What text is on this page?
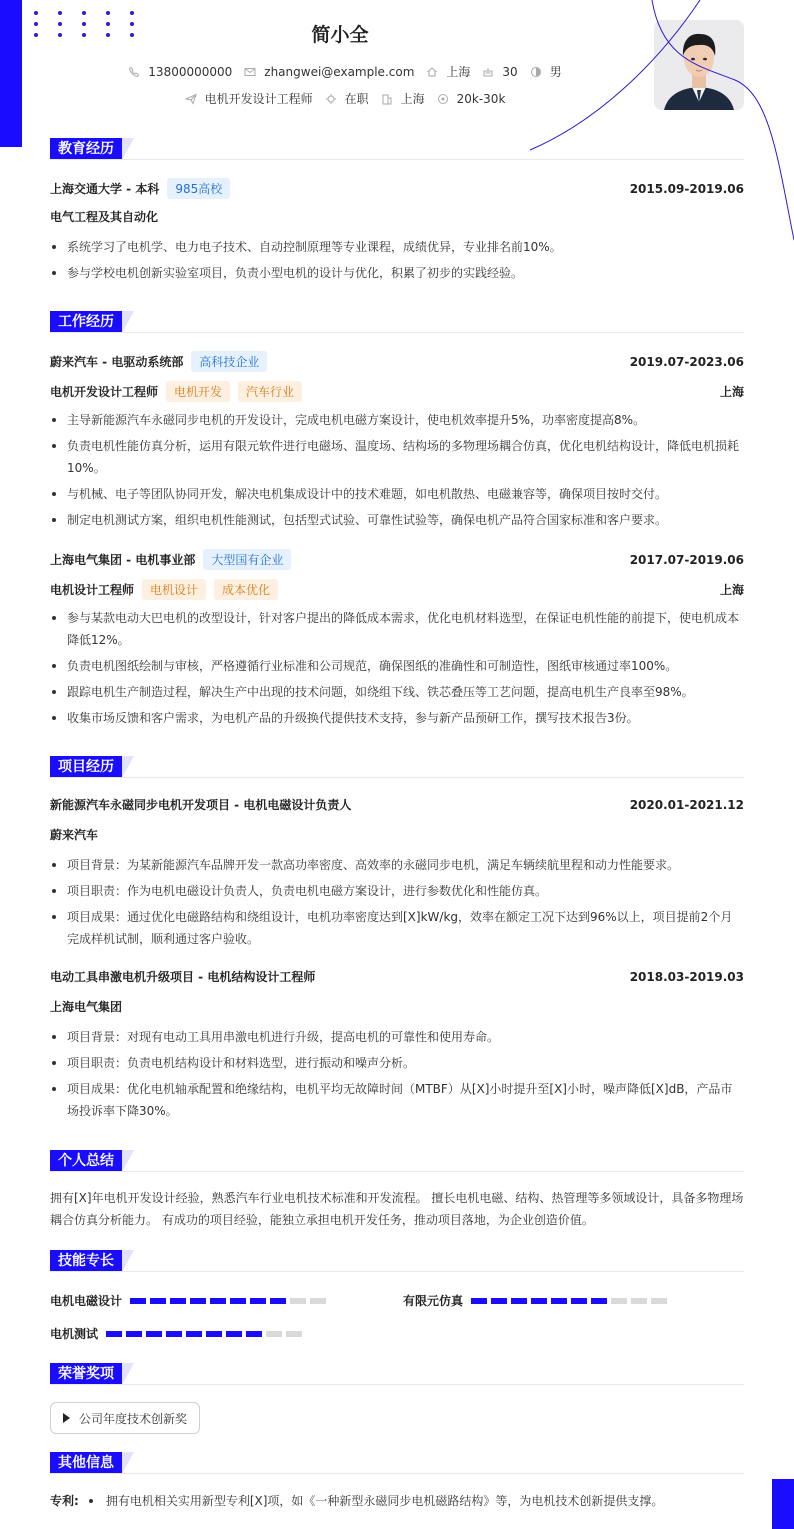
简小全
13800000000	zhangwei@example.com	上海	30	男
电机开发设计工程师	在职	上海	20k-30k
教育经历
上海交通大学 - 本科	985高校	2015.09-2019.06
电气工程及其自动化
系统学习了电机学、电力电子技术、自动控制原理等专业课程，成绩优异，专业排名前10%。
参与学校电机创新实验室项目，负责小型电机的设计与优化，积累了初步的实践经验。
工作经历
蔚来汽车 - 电驱动系统部	高科技企业	2019.07-2023.06
电机开发设计工程师	电机开发	汽车行业	上海
主导新能源汽车永磁同步电机的开发设计，完成电机电磁方案设计，使电机效率提升5%，功率密度提高8%。
负责电机性能仿真分析，运用有限元软件进行电磁场、温度场、结构场的多物理场耦合仿真，优化电机结构设计，降低电机损耗10%。
与机械、电子等团队协同开发，解决电机集成设计中的技术难题，如电机散热、电磁兼容等，确保项目按时交付。
制定电机测试方案，组织电机性能测试，包括型式试验、可靠性试验等，确保电机产品符合国家标准和客户要求。
上海电气集团 - 电机事业部	大型国有企业	2017.07-2019.06
电机设计工程师	电机设计	成本优化	上海
参与某款电动大巴电机的改型设计，针对客户提出的降低成本需求，优化电机材料选型，在保证电机性能的前提下，使电机成本降低12%。
负责电机图纸绘制与审核，严格遵循行业标准和公司规范，确保图纸的准确性和可制造性，图纸审核通过率100%。
跟踪电机生产制造过程，解决生产中出现的技术问题，如绕组下线、铁芯叠压等工艺问题，提高电机生产良率至98%。
收集市场反馈和客户需求，为电机产品的升级换代提供技术支持，参与新产品预研工作，撰写技术报告3份。
项目经历
新能源汽车永磁同步电机开发项目 - 电机电磁设计负责人	2020.01-2021.12
蔚来汽车
项目背景：为某新能源汽车品牌开发一款高功率密度、高效率的永磁同步电机，满足车辆续航里程和动力性能要求。
项目职责：作为电机电磁设计负责人，负责电机电磁方案设计，进行参数优化和性能仿真。
项目成果：通过优化电磁路结构和绕组设计，电机功率密度达到[X]kW/kg，效率在额定工况下达到96%以上，项目提前2个月完成样机试制，顺利通过客户验收。
电动工具串激电机升级项目 - 电机结构设计工程师	2018.03-2019.03
上海电气集团
项目背景：对现有电动工具用串激电机进行升级，提高电机的可靠性和使用寿命。
项目职责：负责电机结构设计和材料选型，进行振动和噪声分析。
项目成果：优化电机轴承配置和绝缘结构，电机平均无故障时间（MTBF）从[X]小时提升至[X]小时，噪声降低[X]dB，产品市场投诉率下降30%。
个人总结
拥有[X]年电机开发设计经验，熟悉汽车行业电机技术标准和开发流程。 擅长电机电磁、结构、热管理等多领域设计，具备多物理场耦合仿真分析能力。 有成功的项目经验，能独立承担电机开发任务，推动项目落地，为企业创造价值。
技能专长
电机电磁设计	有限元仿真
电机测试
荣誉奖项
公司年度技术创新奖
其他信息
专利: 拥有电机相关实用新型专利[X]项，如《一种新型永磁同步电机磁路结构》等，为电机技术创新提供支撑。
